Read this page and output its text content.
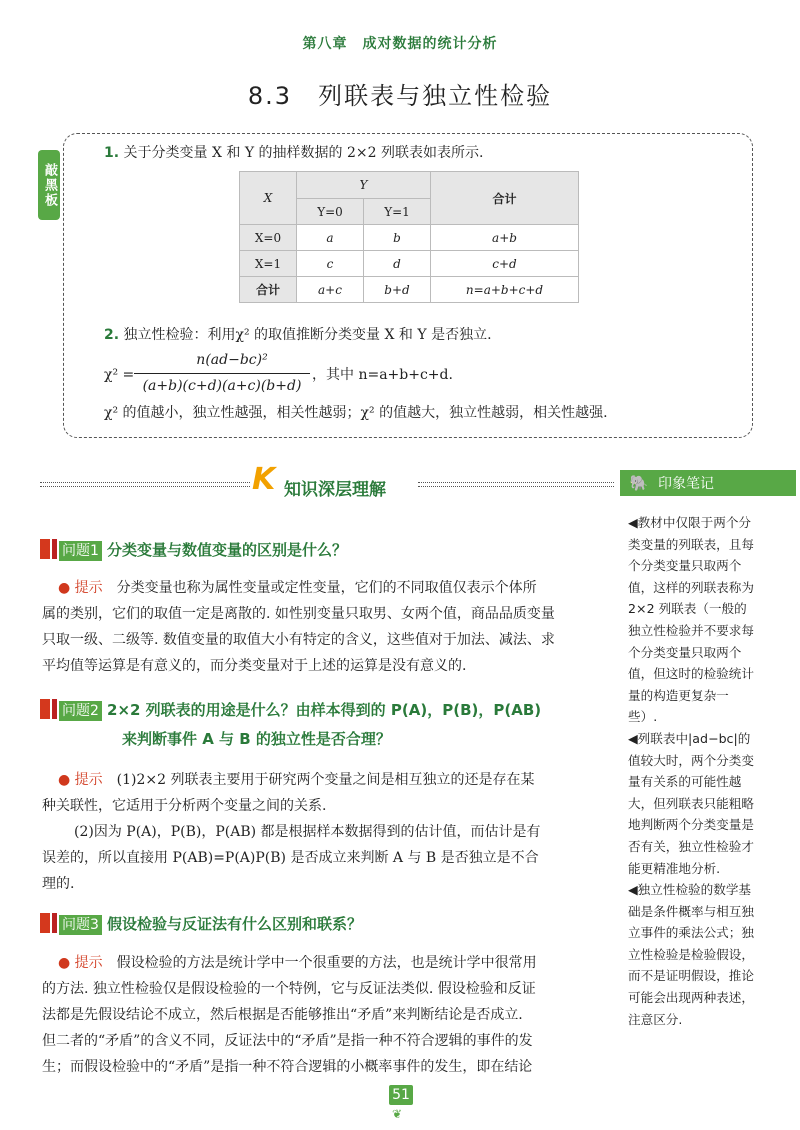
第八章　成对数据的统计分析
8.3　列联表与独立性检验
敲黑板
1. 关于分类变量 X 和 Y 的抽样数据的 2×2 列联表如表所示.
X	Y		合计
	Y=0	Y=1	
X=0	a	b	a+b
X=1	c	d	c+d
合计	a+c	b+d	n=a+b+c+d
2. 独立性检验：利用χ² 的取值推断分类变量 X 和 Y 是否独立.
χ² =
n(ad−bc)²
(a+b)(c+d)(a+c)(b+d)
，其中 n=a+b+c+d.
χ² 的值越小，独立性越强，相关性越弱；χ² 的值越大，独立性越弱，相关性越强.
K 知识深层理解	🐘 印象笔记
◀教材中仅限于两个分类变量的列联表，且每个分类变量只取两个值，这样的列联表称为 2×2 列联表（一般的独立性检验并不要求每个分类变量只取两个值，但这时的检验统计量的构造更复杂一些）.
◀列联表中|ad−bc|的值较大时，两个分类变量有关系的可能性越大，但列联表只能粗略地判断两个分类变量是否有关，独立性检验才能更精准地分析.
◀独立性检验的数学基础是条件概率与相互独立事件的乘法公式；独立性检验是检验假设，而不是证明假设，推论可能会出现两种表述，注意区分.
问题1 分类变量与数值变量的区别是什么？
● 提示　 分类变量也称为属性变量或定性变量，它们的不同取值仅表示个体所
属的类别，它们的取值一定是离散的. 如性别变量只取男、女两个值，商品品质变量
只取一级、二级等. 数值变量的取值大小有特定的含义，这些值对于加法、减法、求
平均值等运算是有意义的，而分类变量对于上述的运算是没有意义的.
问题2 2×2 列联表的用途是什么？由样本得到的 P(A)，P(B)，P(AB)
来判断事件 A 与 B 的独立性是否合理？
● 提示　 (1)2×2 列联表主要用于研究两个变量之间是相互独立的还是存在某
种关联性，它适用于分析两个变量之间的关系.
(2)因为 P(A)，P(B)，P(AB) 都是根据样本数据得到的估计值，而估计是有
误差的，所以直接用 P(AB)=P(A)P(B) 是否成立来判断 A 与 B 是否独立是不合
理的.
问题3 假设检验与反证法有什么区别和联系？
● 提示　 假设检验的方法是统计学中一个很重要的方法，也是统计学中很常用
的方法. 独立性检验仅是假设检验的一个特例，它与反证法类似. 假设检验和反证
法都是先假设结论不成立，然后根据是否能够推出“矛盾”来判断结论是否成立.
但二者的“矛盾”的含义不同，反证法中的“矛盾”是指一种不符合逻辑的事件的发
生；而假设检验中的“矛盾”是指一种不符合逻辑的小概率事件的发生，即在结论
51
❦
